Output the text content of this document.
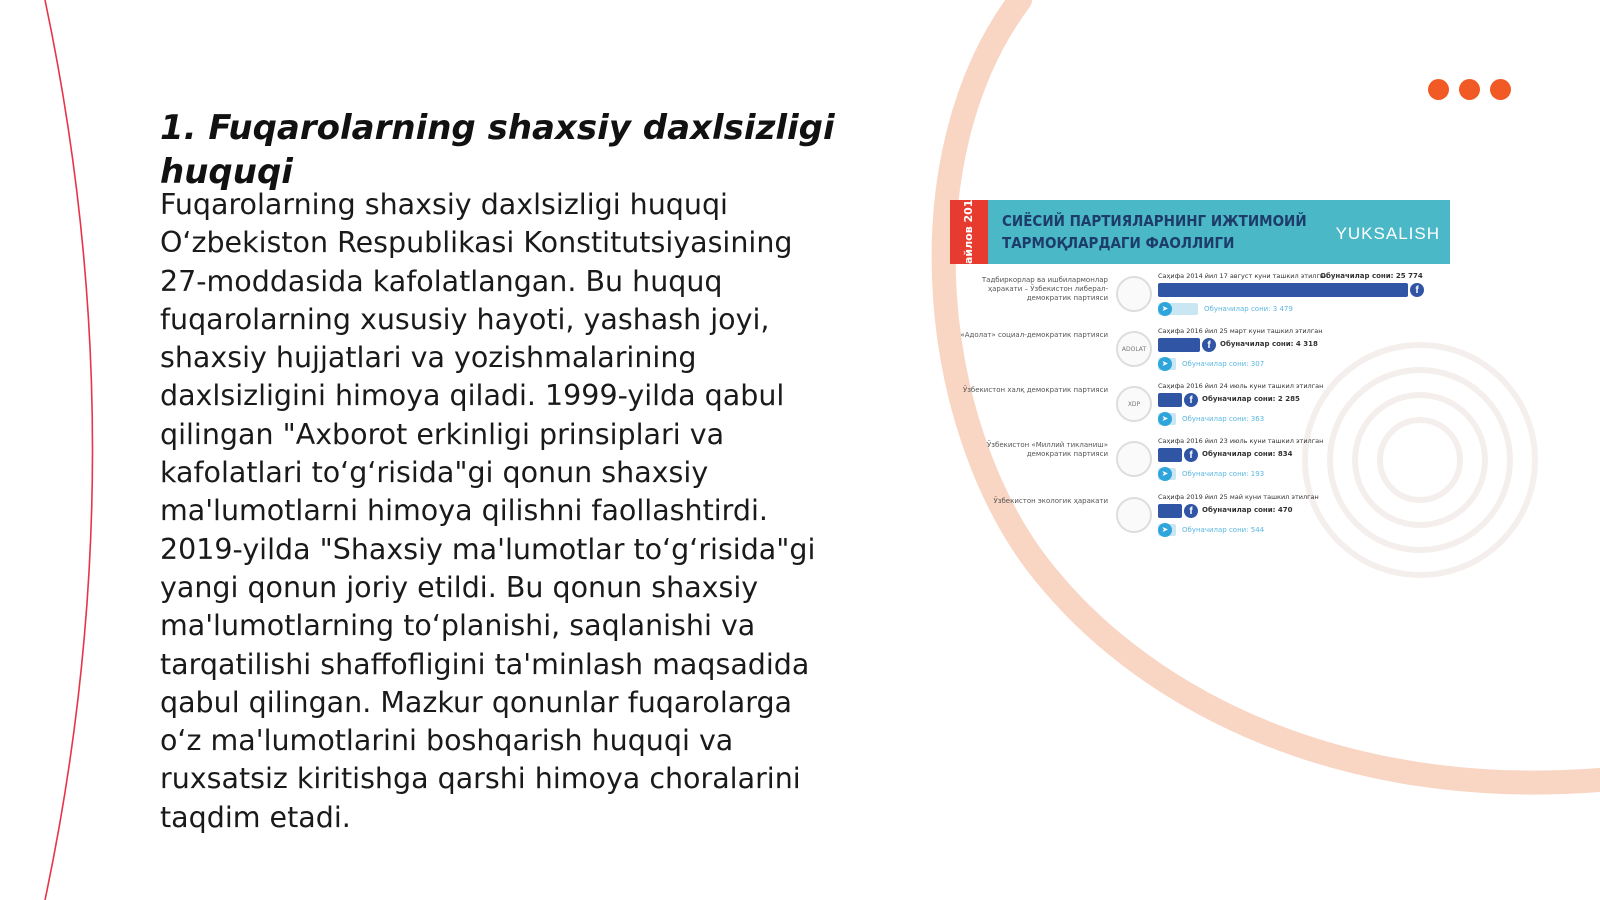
1. Fuqarolarning shaxsiy daxlsizligi huquqi

Fuqarolarning shaxsiy daxlsizligi huquqi O‘zbekiston Respublikasi Konstitutsiyasining 27-moddasida kafolatlangan. Bu huquq fuqarolarning xususiy hayoti, yashash joyi, shaxsiy hujjatlari va yozishmalarining daxlsizligini himoya qiladi. 1999-yilda qabul qilingan "Axborot erkinligi prinsiplari va kafolatlari to‘g‘risida"gi qonun shaxsiy ma'lumotlarni himoya qilishni faollashtirdi. 2019-yilda "Shaxsiy ma'lumotlar to‘g‘risida"gi yangi qonun joriy etildi. Bu qonun shaxsiy ma'lumotlarning to‘planishi, saqlanishi va tarqatilishi shaffofligini ta'minlash maqsadida qabul qilingan. Mazkur qonunlar fuqarolarga o‘z ma'lumotlarini boshqarish huquqi va ruxsatsiz kiritishga qarshi himoya choralarini taqdim etadi.

Сайлов 2019 СИЁСИЙ ПАРТИЯЛАРНИНГ ИЖТИМОИЙ
ТАРМОҚЛАРДАГИ ФАОЛЛИГИ	YUKSALISH
Тадбиркорлар ва ишбилармонлар ҳаракати – Ўзбекистон либерал-демократик партияси
Саҳифа 2014 йил 17 август куни ташкил этилган
f
Обуначилар сони: 25 774
➤	Обуначилар сони: 3 479
«Адолат» социал-демократик партияси
ADOLAT
Саҳифа 2016 йил 25 март куни ташкил этилган
f	Обуначилар сони: 4 318
➤	Обуначилар сони: 307
Ўзбекистон халқ демократик партияси
XDP
Саҳифа 2016 йил 24 июль куни ташкил этилган
f	Обуначилар сони: 2 285
➤	Обуначилар сони: 363
Ўзбекистон «Миллий тикланиш» демократик партияси
Саҳифа 2016 йил 23 июль куни ташкил этилган
f	Обуначилар сони: 834
➤	Обуначилар сони: 193
Ўзбекистон экологик ҳаракати	Саҳифа 2019 йил 25 май куни ташкил этилган
f	Обуначилар сони: 470
➤	Обуначилар сони: 544
